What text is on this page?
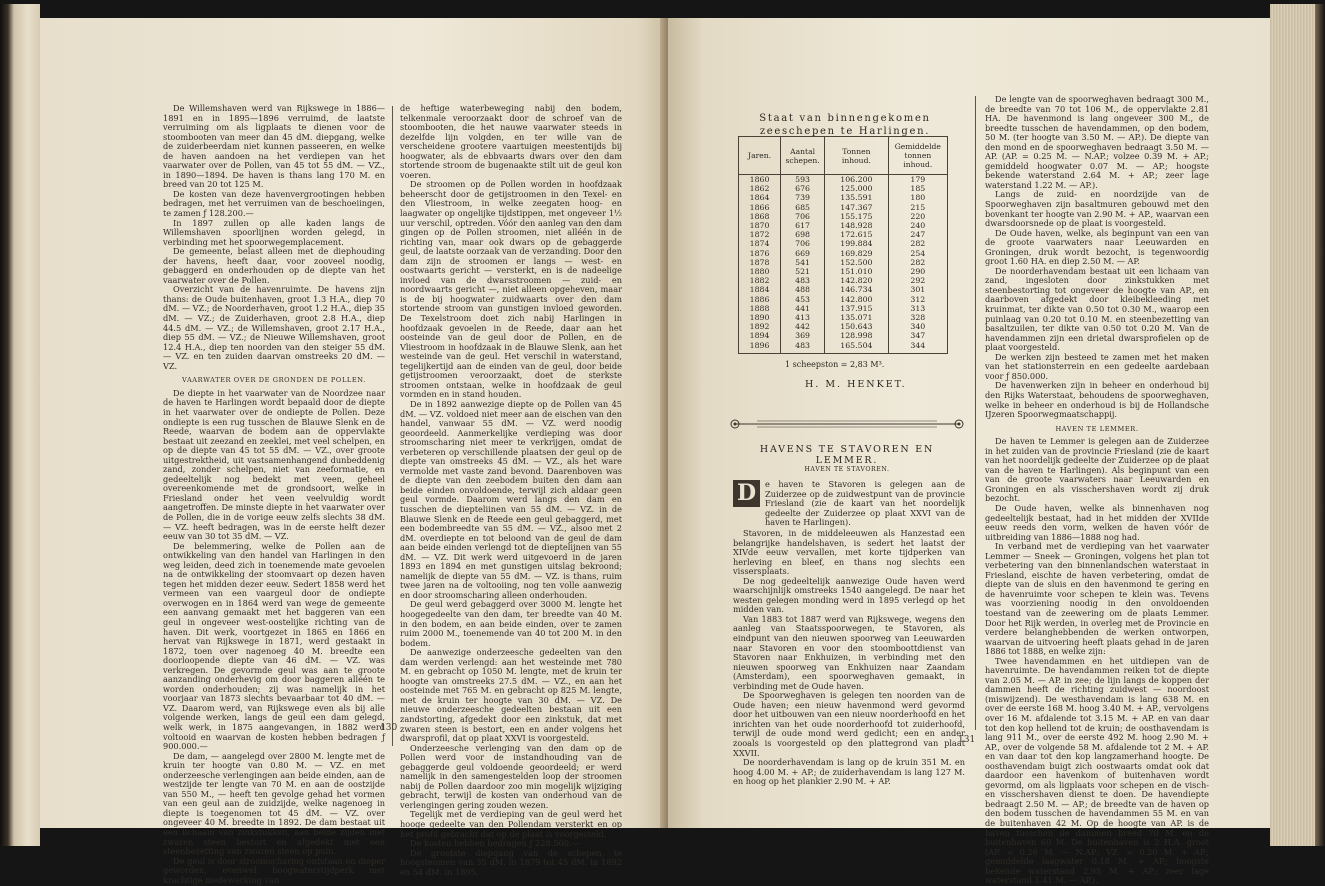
De Willemshaven werd van Rijkswege in 1886—1891 en in 1895—1896 verruimd, de laatste verruiming om als ligplaats te dienen voor de stoombooten van meer dan 45 dM. diepgang, welke de zuiderbeerdam niet kunnen passeeren, en welke de haven aandoen na het verdiepen van het vaarwater over de Pollen, van 45 tot 55 dM. — VZ., in 1890—1894. De haven is thans lang 170 M. en breed van 20 tot 125 M.

De kosten van deze havenvergrootingen hebben bedragen, met het verruimen van de beschoeiingen, te zamen ƒ 128.200.—

In 1897 zullen op alle kaden langs de Willemshaven spoorlijnen worden gelegd, in verbinding met het spoorwegemplacement.

De gemeente, belast alleen met de diephouding der havens, heeft daar, voor zooveel noodig, gebaggerd en onderhouden op de diepte van het vaarwater over de Pollen.

Overzicht van de havenruimte. De havens zijn thans: de Oude buitenhaven, groot 1.3 H.A., diep 70 dM. — VZ.; de Noorderhaven, groot 1.2 H.A., diep 35 dM. — VZ.; de Zuiderhaven, groot 2.8 H.A., diep 44.5 dM. — VZ.; de Willemshaven, groot 2.17 H.A., diep 55 dM. — VZ.; de Nieuwe Willemshaven, groot 12.4 H.A., diep ten noorden van den steiger 55 dM. — VZ. en ten zuiden daarvan omstreeks 20 dM. — VZ.

VAARWATER OVER DE GRONDEN DE POLLEN.

De diepte in het vaarwater van de Noordzee naar de haven te Harlingen wordt bepaald door de diepte in het vaarwater over de ondiepte de Pollen. Deze ondiepte is een rug tusschen de Blauwe Slenk en de Reede, waarvan de bodem aan de oppervlakte bestaat uit zeezand en zeeklei, met veel schelpen, en op de diepte van 45 tot 55 dM. — VZ., over groote uitgestrektheid, uit vastsamenhangend dunbeddenig zand, zonder schelpen, niet van zeeformatie, en gedeeltelijk nog bedekt met veen, geheel overeenkomende met de grondsoort, welke in Friesland onder het veen veelvuldig wordt aangetroffen. De minste diepte in het vaarwater over de Pollen, die in de vorige eeuw zelfs slechts 38 dM. — VZ. heeft bedragen, was in de eerste helft dezer eeuw van 30 tot 35 dM. — VZ.

De belemmering, welke de Pollen aan de ontwikkeling van den handel van Harlingen in den weg leiden, deed zich in toenemende mate gevoelen na de ontwikkeling der stoomvaart op dezen haven tegen het midden dezer eeuw. Sedert 1858 werd het vermeen van een vaargeul door de ondiepte overwogen en in 1864 werd van wege de gemeente een aanvang gemaakt met het baggeren van een geul in ongeveer west-oostelijke richting van de haven. Dit werk, voortgezet in 1865 en 1866 en hervat van Rijkswege in 1871, werd gestaakt in 1872, toen over nagenoeg 40 M. breedte een doorloopende diepte van 46 dM. — VZ. was verkregen. De gevormde geul was aan te groote aanzanding onderhevig om door baggeren alléén te worden onderhouden; zij was namelijk in het voorjaar van 1873 slechts bevaarbaar tot 40 dM. — VZ. Daarom werd, van Rijkswege even als bij alle volgende werken, langs de geul een dam gelegd, welk werk, in 1875 aangevangen, in 1882 werd voltooid en waarvan de kosten hebben bedragen ƒ 900.000.—

De dam, — aangelegd over 2800 M. lengte met de kruin ter hoogte van 0.80 M. — VZ. en met onderzeesche verlengingen aan beide einden, aan de westzijde ter lengte van 70 M. en aan de oostzijde van 550 M., — heeft ten gevolge gehad het vormen van een geul aan de zuidzijde, welke nagenoeg in diepte is toegenomen tot 45 dM. — VZ. over ongeveer 40 M. breedte in 1892. De dam bestaat uit een lichaam van zinkstukken, aan beide zijden met zwaren steen bestort en afgedekt met een steenbezetting van zwaren steen op puin.

De geul is door stroomscharing ontstaan en dieper geworden, evenwel hoogwaterstijdperk met krachtige medewerking van

de heftige waterbeweging nabij den bodem, telkenmale veroorzaakt door de schroef van de stoombooten, die het nauwe vaarwater steeds in dezelfde lijn volgden, en ter wille van de verscheidene grootere vaartuigen meestentijds bij hoogwater, als de ebbvaarts dwars over den dam stortende stroom de bugenaakte stilt uit de geul kon voeren.

De stroomen op de Pollen worden in hoofdzaak beheerscht door de getijstroomen in den Texel- en den Vliestroom, in welke zeegaten hoog- en laagwater op ongelijke tijdstippen, met ongeveer 1½ uur verschil, optreden. Vóór den aanleg van den dam gingen op de Pollen stroomen, niet alléén in de richting van, maar ook dwars op de gebaggerde geul, de laatste oorzaak van de verzanding. Door den dam zijn de stroomen er langs — west- en oostwaarts gericht — versterkt, en is de nadeelige invloed van de dwarsstroomen — zuid- en noordwaarts gericht —, niet alleen opgeheven, maar is de bij hoogwater zuidwaarts over den dam stortende stroom van gunstigen invloed geworden. De Texelstroom doet zich nabij Harlingen in hoofdzaak gevoelen in de Reede, daar aan het oosteinde van de geul door de Pollen, en de Vliestroom in hoofdzaak in de Blauwe Slenk, aan het westeinde van de geul. Het verschil in waterstand, tegelijkertijd aan de einden van de geul, door beide getijstroomen veroorzaakt, doet de sterkste stroomen ontstaan, welke in hoofdzaak de geul vormden en in stand houden.

De in 1892 aanwezige diepte op de Pollen van 45 dM. — VZ. voldoed niet meer aan de eischen van den handel, vanwaar 55 dM. — VZ. werd noodig geoordeeld. Aanmerkelijke verdieping was door stroomscharing niet meer te verkrijgen, omdat de verbeteren op verschillende plaatsen der geul op de diepte van omstreeks 45 dM. — VZ., als het ware vermolde met vaste zand bevond. Daarenboven was de diepte van den zeebodem buiten den dam aan beide einden onvoldoende, terwijl zich aldaar geen geul vormde. Daarom werd langs den dam en tusschen de diepteliinen van 55 dM. — VZ. in de Blauwe Slenk en de Reede een geul gebaggerd, met een bodembreedte van 55 dM. — VZ., alsoo met 2 dM. overdiepte en tot beloond van de geul de dam aan beide einden verlengd tot de dieptelijnen van 55 dM. — VZ. Dit werk werd uitgevoerd in de jaren 1893 en 1894 en met gunstigen uitslag bekroond; namelijk de diepte van 55 dM. — VZ. is thans, ruim twee jaren na de voltooiing, nog ten volle aanwezig en door stroomscharing alleen onderhouden.

De geul werd gebaggerd over 3000 M. lengte het hoogegedeelte van den dam, ter breedte van 40 M. in den bodem, en aan beide einden, over te zamen ruim 2000 M., toenemende van 40 tot 200 M. in den bodem.

De aanwezige onderzeesche gedeelten van den dam werden verlengd: aan het westeinde met 780 M. en gebracht op 1050 M. lengte, met de kruin ter hoogte van omstreeks 27.5 dM. — VZ., en aan het oosteinde met 765 M. en gebracht op 825 M. lengte, met de kruin ter hoogte van 30 dM. — VZ. De nieuwe onderzeesche gedeelten bestaan uit een zandstorting, afgedekt door een zinkstuk, dat met zwaren steen is bestort, een en ander volgens het dwarsprofil, dat op plaat XXVI is voorgesteld.

Onderzeesche verlenging van den dam op de Pollen werd voor de instandhouding van de gebaggerde geul voldoende geoordeeld; er werd namelijk in den samengestelden loop der stroomen nabij de Pollen daardoor zoo min mogelijk wijziging gebracht, terwijl de kosten van onderhoud van de verlengingen gering zouden wezen.

Tegelijk met de verdieping van de geul werd het hooge gedeelte van den Pollendam versterkt en op het profil gebracht dat op de plaat is voorgesteld.

De kosten hebben bedragen ƒ 228.500.—

De grootste diepgang van de schepen, te hoogsteomen van 35 dM. in 1879 tot 45 dM. in 1892 en 54 dM. in 1895.

130
Staat van binnengekomen zeeschepen te Harlingen.
Jaren.	Aantal schepen.	Tonnen inhoud.	Gemiddelde tonnen inhoud.
1860	593	106.200	179
1862	676	125.000	185
1864	739	135.591	180
1866	685	147.367	215
1868	706	155.175	220
1870	617	148.928	240
1872	698	172.615	247
1874	706	199.884	282
1876	669	169.829	254
1878	541	152.500	282
1880	521	151.010	290
1882	483	142.820	292
1884	488	146.734	301
1886	453	142.800	312
1888	441	137.915	313
1890	413	135.071	328
1892	442	150.643	340
1894	369	128.998	347
1896	483	165.504	344
1 scheepston = 2,83 M³.
H. M. HENKET.
HAVENS TE STAVOREN EN LEMMER.
HAVEN TE STAVOREN.
D	e haven te Stavoren is gelegen aan de Zuiderzee op de zuidwestpunt van de provincie Friesland (zie de kaart van het noordelijk gedeelte der Zuiderzee op plaat XXVI van de haven te Harlingen).

Stavoren, in de middeleeuwen als Hanzestad een belangrijke handelshaven, is sedert het laatst der XIVde eeuw vervallen, met korte tijdperken van herleving en bleef, en thans nog slechts een vissersplaats.

De nog gedeeltelijk aanwezige Oude haven werd waarschijnlijk omstreeks 1540 aangelegd. De naar het westen gelegen monding werd in 1895 verlegd op het midden van.

Van 1883 tot 1887 werd van Rijkswege, wegens den aanleg van Staatsspoorwegen, te Stavoren, als eindpunt van den nieuwen spoorweg van Leeuwarden naar Stavoren en voor den stoomboottdienst van Stavoren naar Enkhuizen, in verbinding met den nieuwen spoorweg van Enkhuizen naar Zaandam (Amsterdam), een spoorweghaven gemaakt, in verbinding met de Oude haven.

De Spoorweghaven is gelegen ten noorden van de Oude haven; een nieuw havenmond werd gevormd door het uitbouwen van een nieuw noorderhoofd en het inrichten van het oude noorderhoofd tot zuiderhoofd, terwijl de oude mond werd gedicht; een en ander zooals is voorgesteld op den plattegrond van plaat XXVII.

De noorderhavendam is lang op de kruin 351 M. en hoog 4.00 M. + AP.; de zuiderhavendam is lang 127 M. en hoog op het plankier 2.90 M. + AP.

De lengte van de spoorweghaven bedraagt 300 M., de breedte van 70 tot 106 M., de oppervlakte 2.81 HA. De havenmond is lang ongeveer 300 M., de breedte tusschen de havendammen, op den bodem, 50 M. (ter hoogte van 3.50 M. — AP.). De diepte van den mond en de spoorweghaven bedraagt 3.50 M. — AP. (AP. = 0.25 M. — N.AP.; volzee 0.39 M. + AP.; gemiddeld hoogwater 0.07 M. — AP.; hoogste bekende waterstand 2.64 M. + AP.; zeer lage waterstand 1.22 M. — AP.).

Langs de zuid- en noordzijde van de Spoorweghaven zijn basaltmuren gebouwd met den bovenkant ter hoogte van 2.90 M. + AP., waarvan een dwarsdoorsnede op de plaat is voorgesteld.

De Oude haven, welke, als beginpunt van een van de groote vaarwaters naar Leeuwarden en Groningen, druk wordt bezocht, is tegenwoordig groot 1.60 HA. en diep 2.50 M. — AP.

De noorderhavendam bestaat uit een lichaam van zand, ingesloten door zinkstukken met steenbestorting tot ongeveer de hoogte van AP., en daarboven afgedekt door kleibekleeding met kruinmat, ter dikte van 0.50 tot 0.30 M., waarop een puinlaag van 0.20 tot 0.10 M. en steenbezetting van basaltzuilen, ter dikte van 0.50 tot 0.20 M. Van de havendammen zijn een drietal dwarsprofielen op de plaat voorgesteld.

De werken zijn besteed te zamen met het maken van het stationsterrein en een gedeelte aardebaan voor ƒ 850.000.

De havenwerken zijn in beheer en onderhoud bij den Rijks Waterstaat, behoudens de spoorweghaven, welke in beheer en onderhoud is bij de Hollandsche IJzeren Spoorwegmaatschappij.

HAVEN TE LEMMER.

De haven te Lemmer is gelegen aan de Zuiderzee in het zuiden van de provincie Friesland (zie de kaart van het noordelijk gedeelte der Zuiderzee op de plaat van de haven te Harlingen). Als beginpunt van een van de groote vaarwaters naar Leeuwarden en Groningen en als visschershaven wordt zij druk bezocht.

De Oude haven, welke als binnenhaven nog gedeeltelijk bestaat, had in het midden der XVIIde eeuw reeds den vorm, welken de haven vóór de uitbreiding van 1886—1888 nog had.

In verband met de verdieping van het vaarwater Lemmer — Sneek — Groningen, volgens het plan tot verbetering van den binnenlandschen waterstaat in Friesland, eischte de haven verbetering, omdat de diepte van de sluis en den havenmond te gering en de havenruimte voor schepen te klein was. Tevens was voorziening noodig in den onvoldoenden toestand van de zeewering om de plaats Lemmer. Door het Rijk werden, in overleg met de Provincie en verdere belanghebbenden de werken ontworpen, waarvan de uitvoering heeft plaats gehad in de jaren 1886 tot 1888, en welke zijn:

Twee havendammen en het uitdiepen van de havenruimte. De havendammen reiken tot de diepte van 2.05 M. — AP. in zee; de lijn langs de koppen der dammen heeft de richting zuidwest — noordoost (miswijzend). De westhavendam is lang 638 M. en over de eerste 168 M. hoog 3.40 M. + AP., vervolgens over 16 M. afdalende tot 3.15 M. + AP. en van daar tot den kop hellend tot de kruin; de oosthavendam is lang 911 M., over de eerste 492 M. hoog 2.90 M. + AP., over de volgende 58 M. afdalende tot 2 M. + AP. en van daar tot den kop langzamerhand hoogte. De oosthavendam buigt zich oostwaarts omdat ook dat daardoor een havenkom of buitenhaven wordt gevormd, om als ligplaats voor schepen en de visch- en visschershaven dienst te doen. De havendiepte bedraagt 2.50 M. — AP.; de breedte van de haven op den bodem tusschen de havendammen 55 M. en van de buitenhaven 42 M. Op de hoogte van AP. is de haven tusschen de dammen breed 70 M. en de buitenhaven 60 M. De buitenhaven is 2 H.A. groot (AP. = 0.26 M. — N.AP.; VZ. = 0.20 M. + AP.; gemiddelde laagwater 0.18 M. + AP.; hoogste bekende waterstand 2.95 M. + AP.; zeer lage waterstand 1.41 M. — AP.).

131
